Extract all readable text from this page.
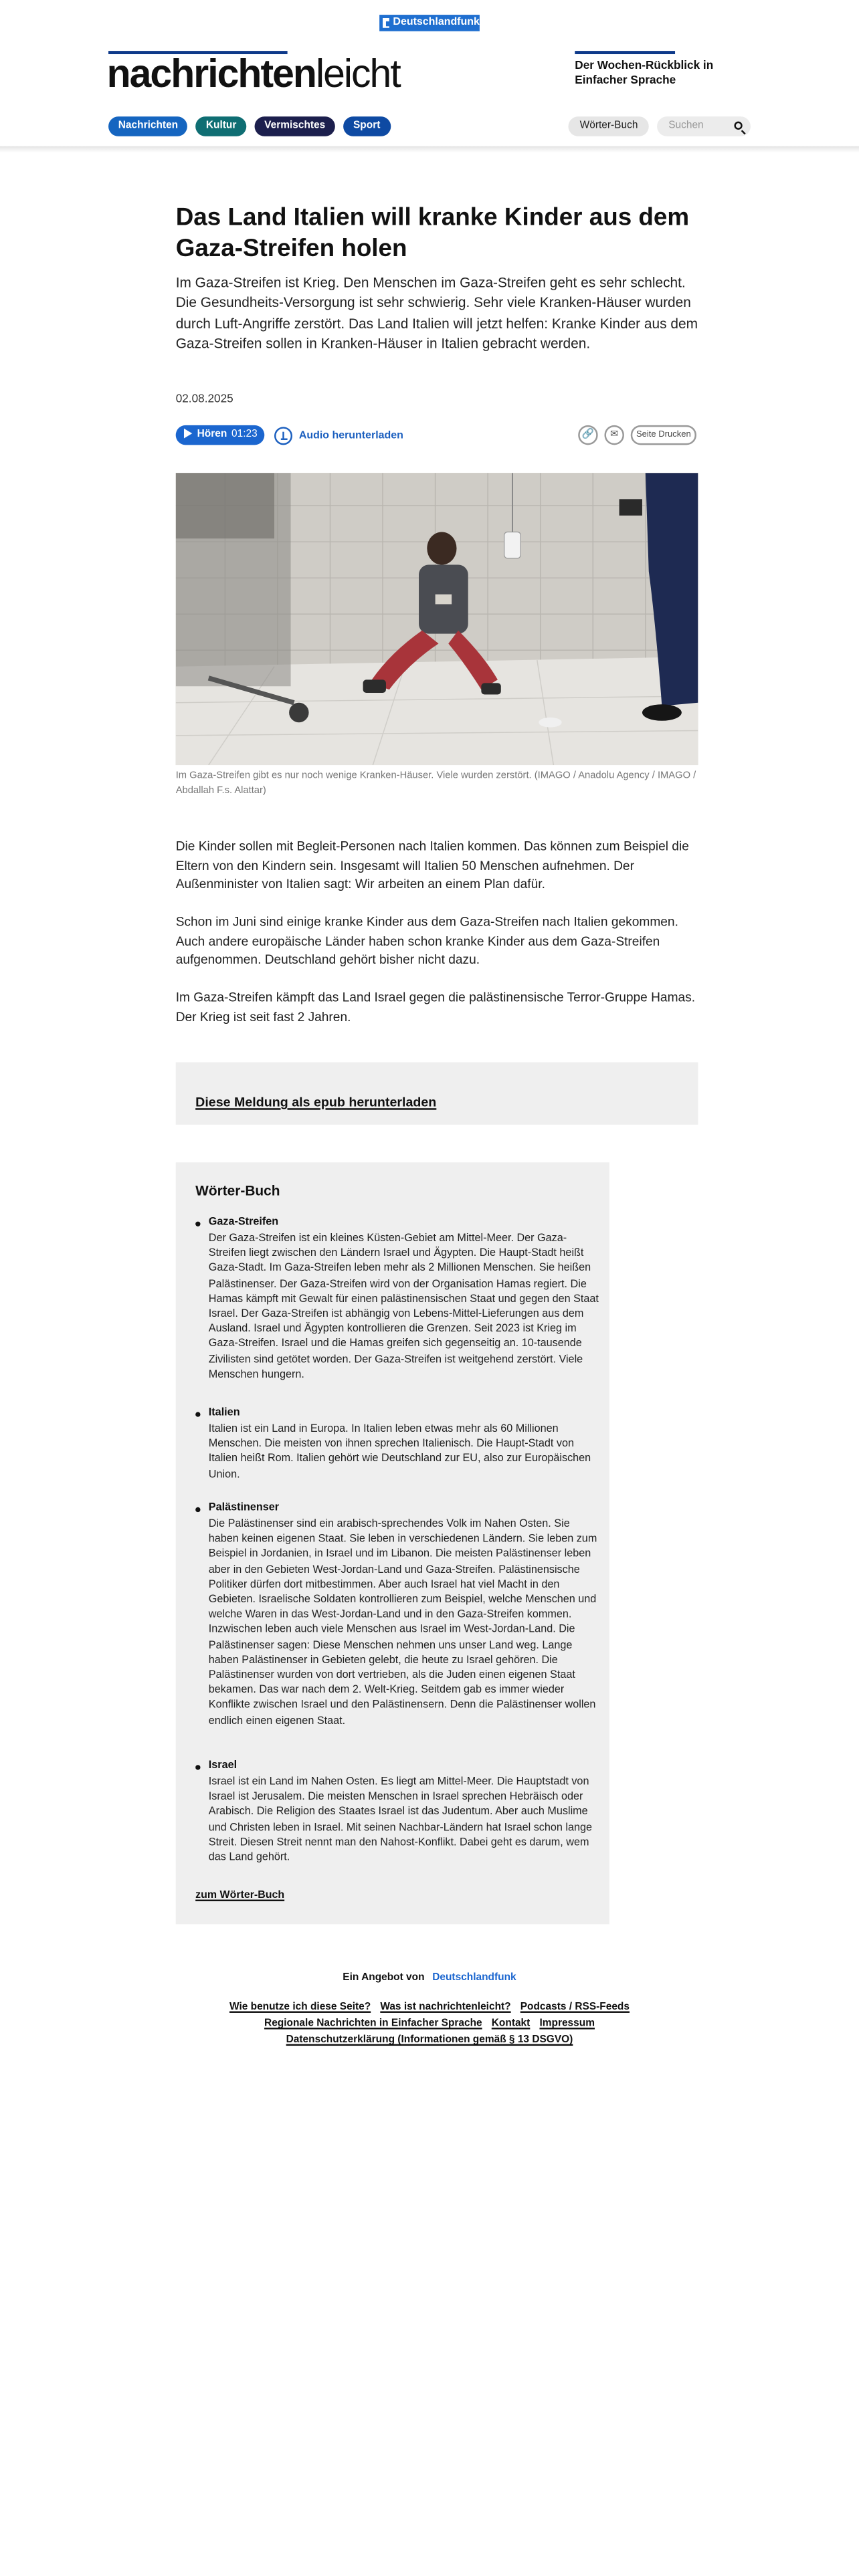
Deutschlandfunk
nachrichtenleicht	Der Wochen-Rückblick in Einfacher Sprache
Nachrichten	Kultur	Vermischtes	Sport	Wörter-Buch	Suchen
Das Land Italien will kranke Kinder aus dem Gaza-Streifen holen

Im Gaza-Streifen ist Krieg. Den Menschen im Gaza-Streifen geht es sehr schlecht. Die Gesundheits-Versorgung ist sehr schwierig. Sehr viele Kranken-Häuser wurden durch Luft-Angriffe zerstört. Das Land Italien will jetzt helfen: Kranke Kinder aus dem Gaza-Streifen sollen in Kranken-Häuser in Italien gebracht werden.

02.08.2025
Hören 01:23	Audio herunterladen	🔗	✉	Seite Drucken

Im Gaza-Streifen gibt es nur noch wenige Kranken-Häuser. Viele wurden zerstört. (IMAGO / Anadolu Agency / IMAGO / Abdallah F.s. Alattar)

Die Kinder sollen mit Begleit-Personen nach Italien kommen. Das können zum Beispiel die Eltern von den Kindern sein. Insgesamt will Italien 50 Menschen aufnehmen. Der Außenminister von Italien sagt: Wir arbeiten an einem Plan dafür.

Schon im Juni sind einige kranke Kinder aus dem Gaza-Streifen nach Italien gekommen. Auch andere europäische Länder haben schon kranke Kinder aus dem Gaza-Streifen aufgenommen. Deutschland gehört bisher nicht dazu.

Im Gaza-Streifen kämpft das Land Israel gegen die palästinensische Terror-Gruppe Hamas. Der Krieg ist seit fast 2 Jahren.

Diese Meldung als epub herunterladen
Wörter-Buch
Gaza-Streifen

Der Gaza-Streifen ist ein kleines Küsten-Gebiet am Mittel-Meer. Der Gaza-Streifen liegt zwischen den Ländern Israel und Ägypten. Die Haupt-Stadt heißt Gaza-Stadt. Im Gaza-Streifen leben mehr als 2 Millionen Menschen. Sie heißen Palästinenser. Der Gaza-Streifen wird von der Organisation Hamas regiert. Die Hamas kämpft mit Gewalt für einen palästinensischen Staat und gegen den Staat Israel. Der Gaza-Streifen ist abhängig von Lebens-Mittel-Lieferungen aus dem Ausland. Israel und Ägypten kontrollieren die Grenzen. Seit 2023 ist Krieg im Gaza-Streifen. Israel und die Hamas greifen sich gegenseitig an. 10-tausende Zivilisten sind getötet worden. Der Gaza-Streifen ist weitgehend zerstört. Viele Menschen hungern.

Italien

Italien ist ein Land in Europa. In Italien leben etwas mehr als 60 Millionen Menschen. Die meisten von ihnen sprechen Italienisch. Die Haupt-Stadt von Italien heißt Rom. Italien gehört wie Deutschland zur EU, also zur Europäischen Union.

Palästinenser

Die Palästinenser sind ein arabisch-sprechendes Volk im Nahen Osten. Sie haben keinen eigenen Staat. Sie leben in verschiedenen Ländern. Sie leben zum Beispiel in Jordanien, in Israel und im Libanon. Die meisten Palästinenser leben aber in den Gebieten West-Jordan-Land und Gaza-Streifen. Palästinensische Politiker dürfen dort mitbestimmen. Aber auch Israel hat viel Macht in den Gebieten. Israelische Soldaten kontrollieren zum Beispiel, welche Menschen und welche Waren in das West-Jordan-Land und in den Gaza-Streifen kommen. Inzwischen leben auch viele Menschen aus Israel im West-Jordan-Land. Die Palästinenser sagen: Diese Menschen nehmen uns unser Land weg. Lange haben Palästinenser in Gebieten gelebt, die heute zu Israel gehören. Die Palästinenser wurden von dort vertrieben, als die Juden einen eigenen Staat bekamen. Das war nach dem 2. Welt-Krieg. Seitdem gab es immer wieder Konflikte zwischen Israel und den Palästinensern. Denn die Palästinenser wollen endlich einen eigenen Staat.

Israel

Israel ist ein Land im Nahen Osten. Es liegt am Mittel-Meer. Die Hauptstadt von Israel ist Jerusalem. Die meisten Menschen in Israel sprechen Hebräisch oder Arabisch. Die Religion des Staates Israel ist das Judentum. Aber auch Muslime und Christen leben in Israel. Mit seinen Nachbar-Ländern hat Israel schon lange Streit. Diesen Streit nennt man den Nahost-Konflikt. Dabei geht es darum, wem das Land gehört.

zum Wörter-Buch
Ein Angebot von Deutschlandfunk
Wie benutze ich diese Seite? Was ist nachrichtenleicht? Podcasts / RSS-Feeds
Regionale Nachrichten in Einfacher Sprache Kontakt Impressum
Datenschutzerklärung (Informationen gemäß § 13 DSGVO)
